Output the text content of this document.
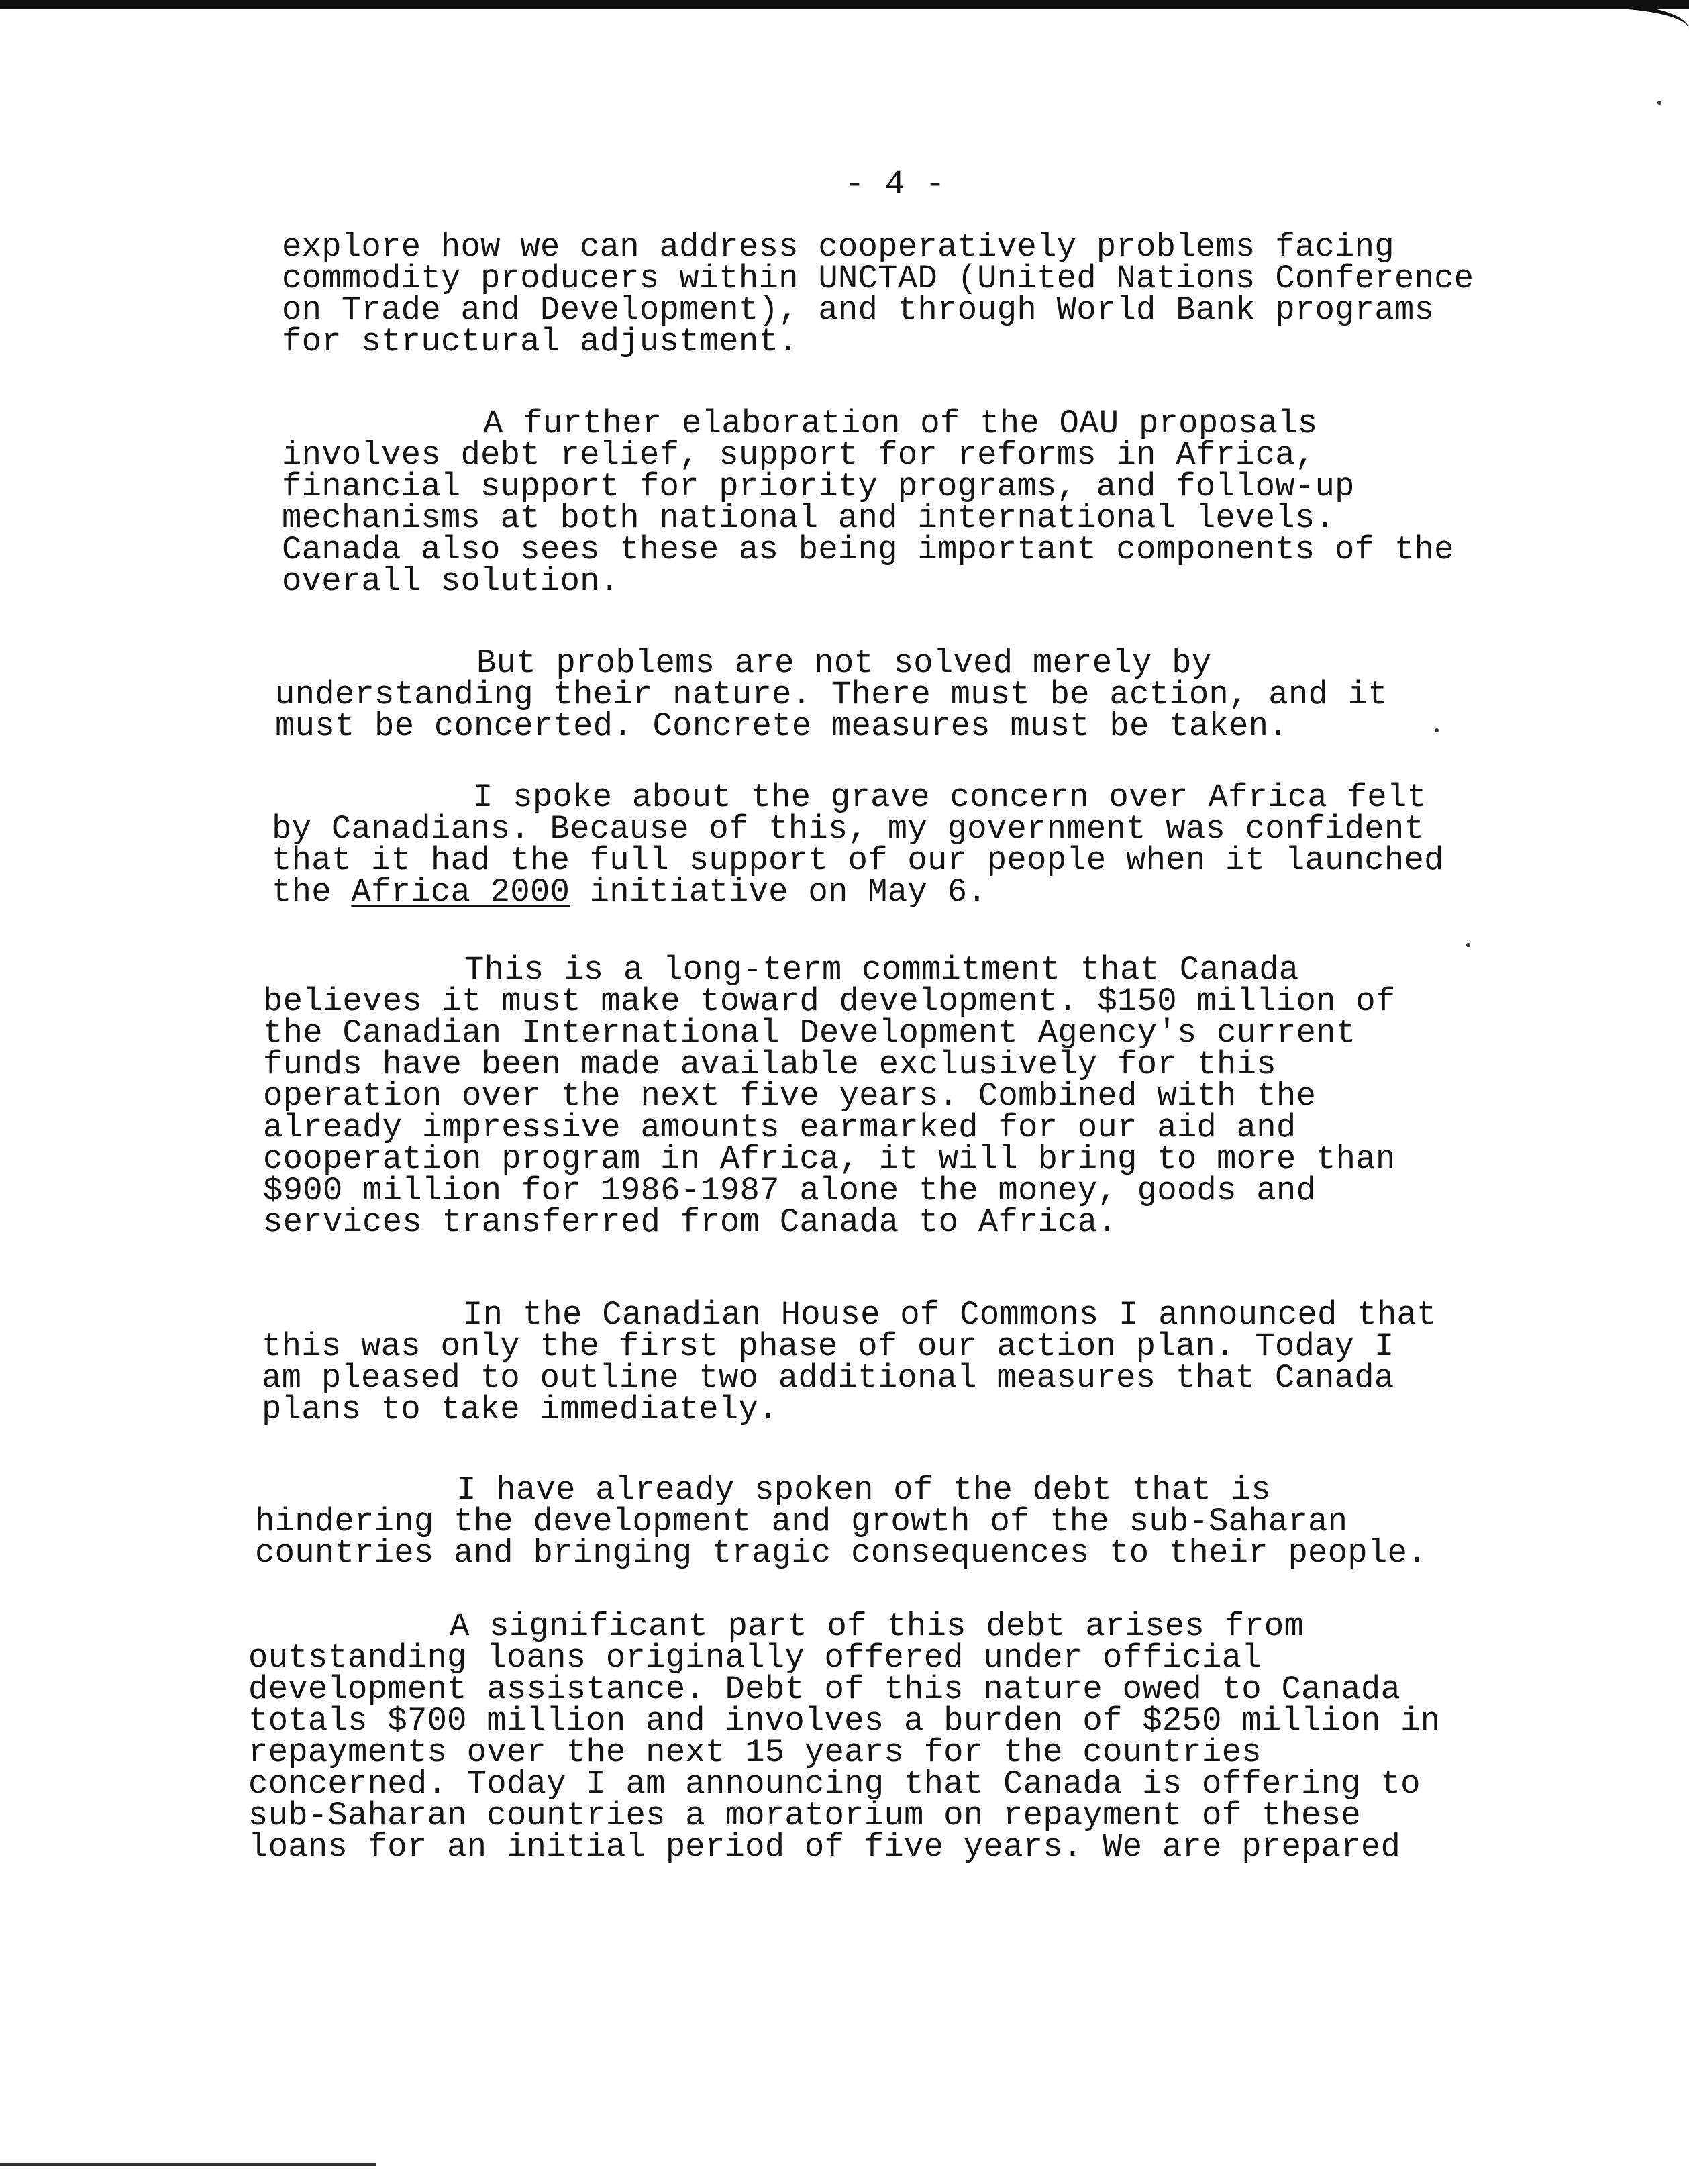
- 4 -

explore how we can address cooperatively problems facing
commodity producers within UNCTAD (United Nations Conference
on Trade and Development), and through World Bank programs
for structural adjustment.

A further elaboration of the OAU proposals
involves debt relief, support for reforms in Africa,
financial support for priority programs, and follow-up
mechanisms at both national and international levels.
Canada also sees these as being important components of the
overall solution.

But problems are not solved merely by
understanding their nature. There must be action, and it
must be concerted. Concrete measures must be taken.

I spoke about the grave concern over Africa felt
by Canadians. Because of this, my government was confident
that it had the full support of our people when it launched
the Africa 2000 initiative on May 6.

This is a long-term commitment that Canada
believes it must make toward development. $150 million of
the Canadian International Development Agency's current
funds have been made available exclusively for this
operation over the next five years. Combined with the
already impressive amounts earmarked for our aid and
cooperation program in Africa, it will bring to more than
$900 million for 1986-1987 alone the money, goods and
services transferred from Canada to Africa.

In the Canadian House of Commons I announced that
this was only the first phase of our action plan. Today I
am pleased to outline two additional measures that Canada
plans to take immediately.

I have already spoken of the debt that is
hindering the development and growth of the sub-Saharan
countries and bringing tragic consequences to their people.

A significant part of this debt arises from
outstanding loans originally offered under official
development assistance. Debt of this nature owed to Canada
totals $700 million and involves a burden of $250 million in
repayments over the next 15 years for the countries
concerned. Today I am announcing that Canada is offering to
sub-Saharan countries a moratorium on repayment of these
loans for an initial period of five years. We are prepared
